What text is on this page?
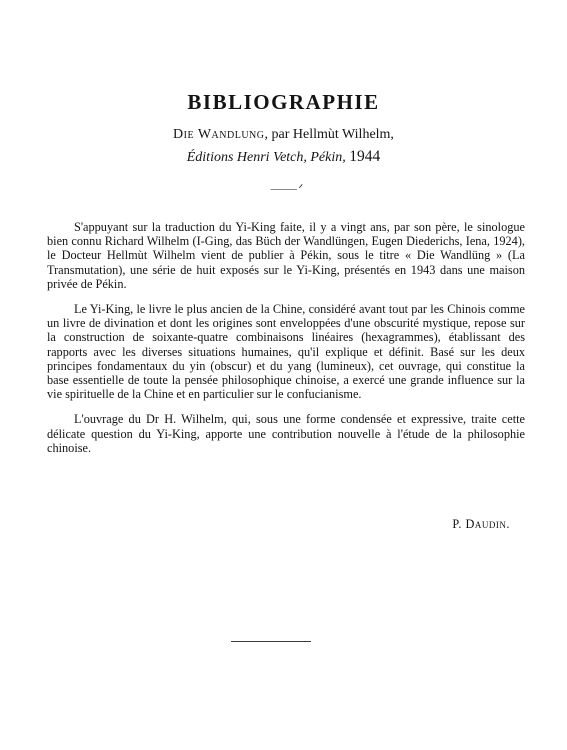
BIBLIOGRAPHIE
Die Wandlung, par Hellmùt Wilhelm,
Éditions Henri Vetch, Pékin, 1944
⸻ᐟ

S'appuyant sur la traduction du Yi-King faite, il y a vingt ans, par son père, le sinologue bien connu Richard Wilhelm (I-Ging, das Büch der Wandlüngen, Eugen Diederichs, Iena, 1924), le Docteur Hellmùt Wilhelm vient de publier à Pékin, sous le titre « Die Wandlüng » (La Transmutation), une série de huit exposés sur le Yi-King, présentés en 1943 dans une maison privée de Pékin.

Le Yi-King, le livre le plus ancien de la Chine, considéré avant tout par les Chinois comme un livre de divination et dont les origines sont enveloppées d'une obscurité mystique, repose sur la construction de soixante-quatre combinaisons linéaires (hexagrammes), établissant des rapports avec les diverses situations humaines, qu'il explique et définit. Basé sur les deux principes fondamentaux du yin (obscur) et du yang (lumineux), cet ouvrage, qui constitue la base essentielle de toute la pensée philosophique chinoise, a exercé une grande influence sur la vie spirituelle de la Chine et en particulier sur le confucianisme.

L'ouvrage du Dr H. Wilhelm, qui, sous une forme condensée et expressive, traite cette délicate question du Yi-King, apporte une contribution nouvelle à l'étude de la philosophie chinoise.

P. Daudin.
